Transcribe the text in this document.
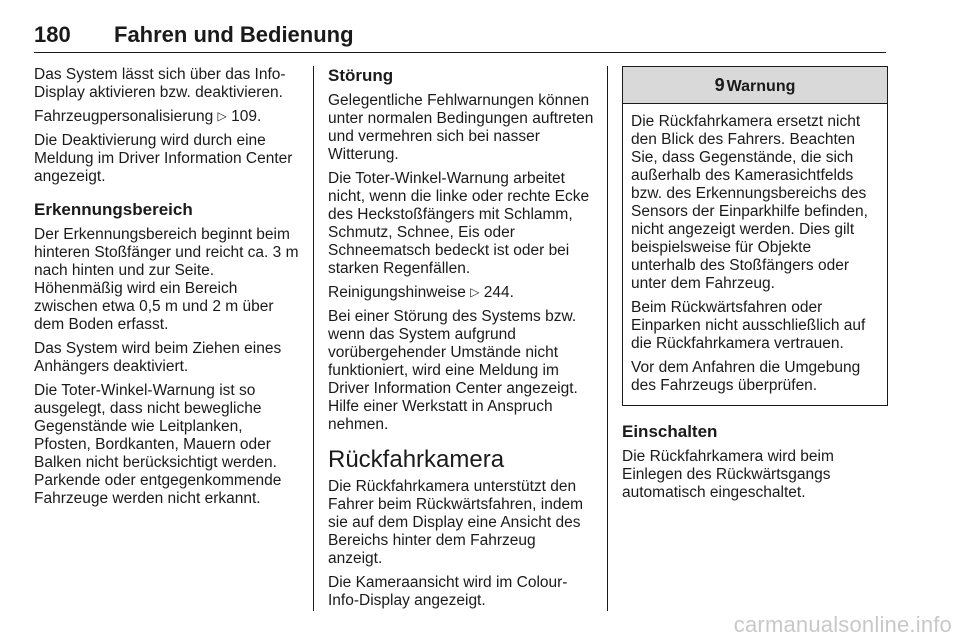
180 Fahren und Bedienung

Das System lässt sich über das Info-Display aktivieren bzw. deaktivieren.

Fahrzeugpersonalisierung ▷ 109.

Die Deaktivierung wird durch eine Meldung im Driver Information Center angezeigt.

Erkennungsbereich

Der Erkennungsbereich beginnt beim hinteren Stoßfänger und reicht ca. 3 m nach hinten und zur Seite. Höhenmäßig wird ein Bereich zwischen etwa 0,5 m und 2 m über dem Boden erfasst.

Das System wird beim Ziehen eines Anhängers deaktiviert.

Die Toter-Winkel-Warnung ist so ausgelegt, dass nicht bewegliche Gegenstände wie Leitplanken, Pfosten, Bordkanten, Mauern oder Balken nicht berücksichtigt werden. Parkende oder entgegenkommende Fahrzeuge werden nicht erkannt.

Störung

Gelegentliche Fehlwarnungen können unter normalen Bedingungen auftreten und vermehren sich bei nasser Witterung.

Die Toter-Winkel-Warnung arbeitet nicht, wenn die linke oder rechte Ecke des Heckstoßfängers mit Schlamm, Schmutz, Schnee, Eis oder Schneematsch bedeckt ist oder bei starken Regenfällen.

Reinigungshinweise ▷ 244.

Bei einer Störung des Systems bzw. wenn das System aufgrund vorübergehender Umstände nicht funktioniert, wird eine Meldung im Driver Information Center angezeigt. Hilfe einer Werkstatt in Anspruch nehmen.

Rückfahrkamera

Die Rückfahrkamera unterstützt den Fahrer beim Rückwärtsfahren, indem sie auf dem Display eine Ansicht des Bereichs hinter dem Fahrzeug anzeigt.

Die Kameraansicht wird im Colour-Info-Display angezeigt.

9 Warnung

Die Rückfahrkamera ersetzt nicht den Blick des Fahrers. Beachten Sie, dass Gegenstände, die sich außerhalb des Kamerasichtfelds bzw. des Erkennungsbereichs des Sensors der Einparkhilfe befinden, nicht angezeigt werden. Dies gilt beispielsweise für Objekte unterhalb des Stoßfängers oder unter dem Fahrzeug.

Beim Rückwärtsfahren oder Einparken nicht ausschließlich auf die Rückfahrkamera vertrauen.

Vor dem Anfahren die Umgebung des Fahrzeugs überprüfen.

Einschalten

Die Rückfahrkamera wird beim Einlegen des Rückwärtsgangs automatisch eingeschaltet.

carmanualsonline.info
